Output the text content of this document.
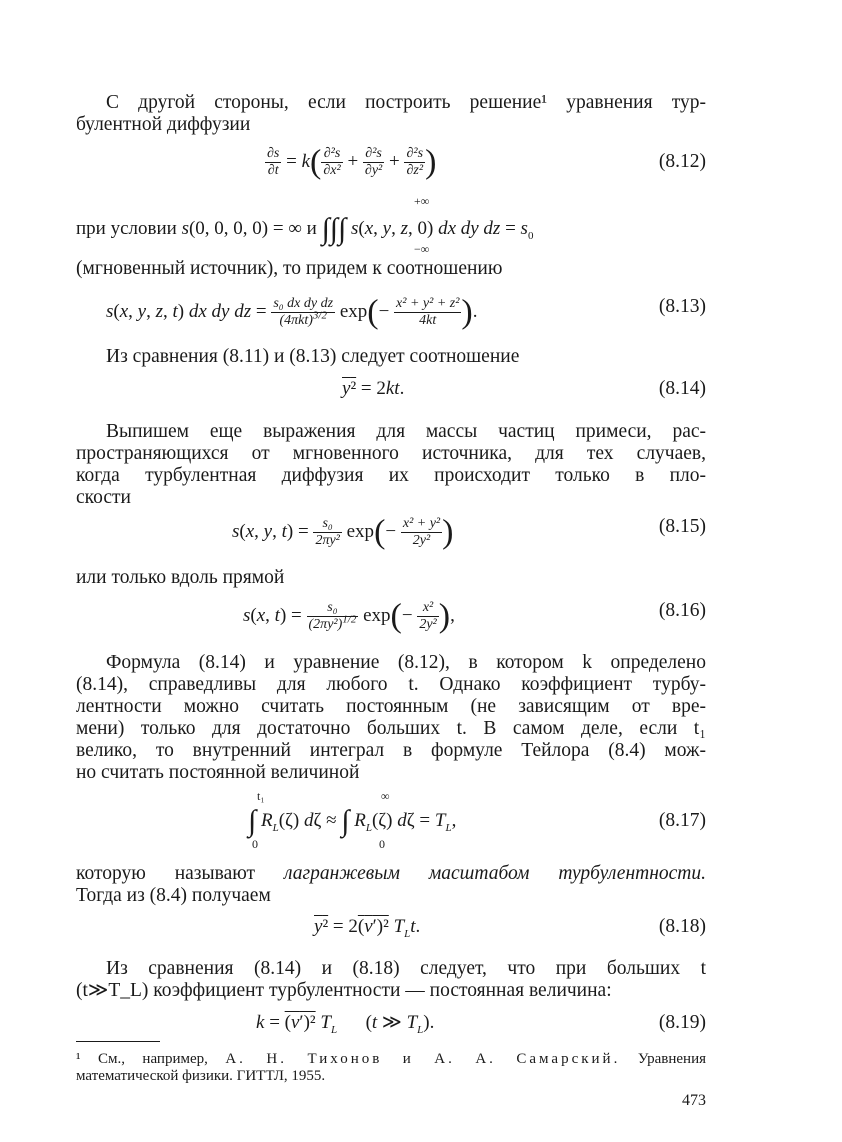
С другой стороны, если построить решение¹ уравнения тур-
булентной диффузии
$\frac{\partial s}{\partial t} = k( \frac{\text{∂²s}}{\text{∂x²}} + \frac{\text{∂²s}}{\text{∂y²}} + \frac{\text{∂²s}}{\text{∂z²}}$ )	(8.12)
+∞
−∞
при условии s(0, 0, 0, 0) = ∞ и ∫∫∫ s(x, y, z, 0) dx dy dz = $s_0$
(мгновенный источник), то придем к соотношению
s(x, y, z, t) dx dy dz = $\frac{\text{s₀ dx dy dz}}{(4\pi kt)^{3/2}} \exp(- \frac{\text{x² + y² + z²}}{4kt}$ ).	(8.13)
Из сравнения (8.11) и (8.13) следует соотношение
y² = 2kt.	(8.14)
Выпишем еще выражения для массы частиц примеси, рас-
пространяющихся от мгновенного источника, для тех случаев,
когда турбулентная диффузия их происходит только в пло-
скости
s(x, y, $t) = \frac{\text{s₀}}{\text{2πy²}} \exp(- \frac{\text{x² + y²}}{\text{2y²}}$ )	(8.15)
или только вдоль прямой
s(x, $t) = \frac{\text{s₀}}{(2\pi y^2)^{1/2}} \exp(- \frac{\text{x²}}{\text{2y²}}$ ),	(8.16)
Формула (8.14) и уравнение (8.12), в котором k определено
(8.14), справедливы для любого t. Однако коэффициент турбу-
лентности можно считать постоянным (не зависящим от вре-
мени) только для достаточно больших t. В самом деле, если t₁
велико, то внутренний интеграл в формуле Тейлора (8.4) мож-
но считать постоянной величиной
t₁
0
∞
0
∫ $R_L(\zeta) d\zeta$ ≈ ∫ $R_L(\zeta) d\zeta = T_L$,	(8.17)
которую называют лагранжевым масштабом турбулентности.
Тогда из (8.4) получаем
y² = 2(v′)² $T_Lt$.	(8.18)
Из сравнения (8.14) и (8.18) следует, что при больших t
(t≫T_L) коэффициент турбулентности — постоянная величина:
k = (v′)² $T_L$      (t ≫ $T_L$).	(8.19)
¹ См., например, А. Н. Тихонов и А. А. Самарский. Уравнения
математической физики. ГИТТЛ, 1955.
473
